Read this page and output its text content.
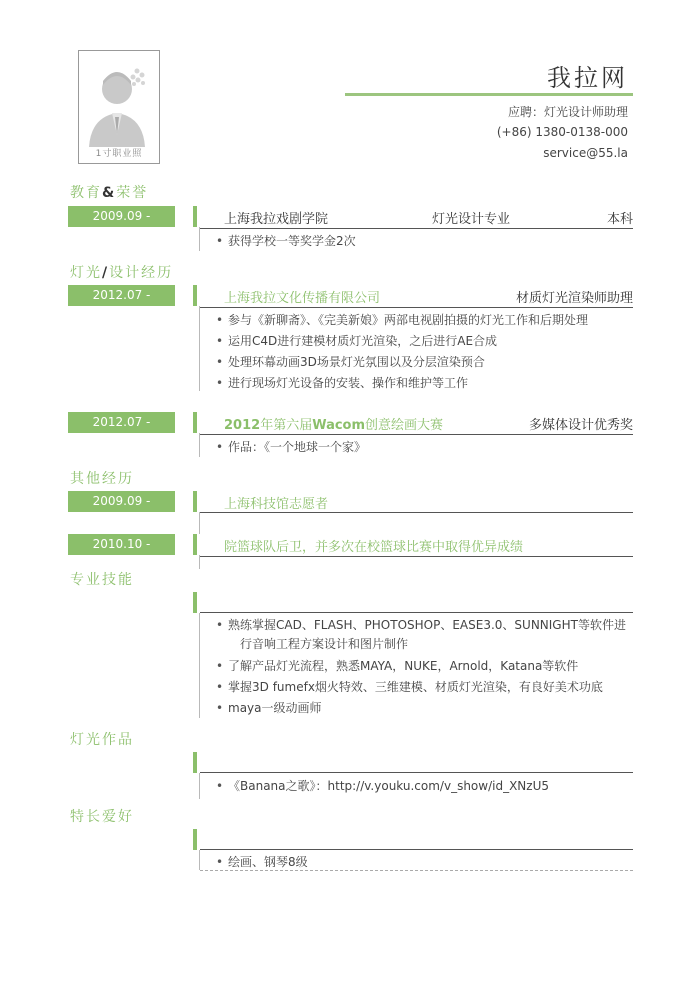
1寸职业照
我拉网
应聘：灯光设计师助理
(+86) 1380-0138-000
service@55.la
教育&荣誉
2009.09 - 2013.07
上海我拉戏剧学院	灯光设计专业	本科
• 获得学校一等奖学金2次
灯光/设计经历
2012.07 - 2012.10
上海我拉文化传播有限公司	材质灯光渲染师助理
• 参与《新聊斋》、《完美新娘》两部电视剧拍摄的灯光工作和后期处理
• 运用C4D进行建模材质灯光渲染，之后进行AE合成
• 处理环幕动画3D场景灯光氛围以及分层渲染预合
• 进行现场灯光设备的安装、操作和维护等工作
2012.07 - 2012.09
2012年第六届Wacom创意绘画大赛	多媒体设计优秀奖
• 作品：《一个地球一个家》
其他经历
2009.09 - 2012.07
上海科技馆志愿者
2010.10 - 2011.12
院篮球队后卫，并多次在校篮球比赛中取得优异成绩
专业技能
• 熟练掌握CAD、FLASH、PHOTOSHOP、EASE3.0、SUNNIGHT等软件进
行音响工程方案设计和图片制作
• 了解产品灯光流程，熟悉MAYA，NUKE，Arnold，Katana等软件
• 掌握3D fumefx烟火特效、三维建模、材质灯光渲染，有良好美术功底
• maya一级动画师
灯光作品
• 《Banana之歌》：http://v.youku.com/v_show/id_XNzU5
特长爱好
• 绘画、钢琴8级
